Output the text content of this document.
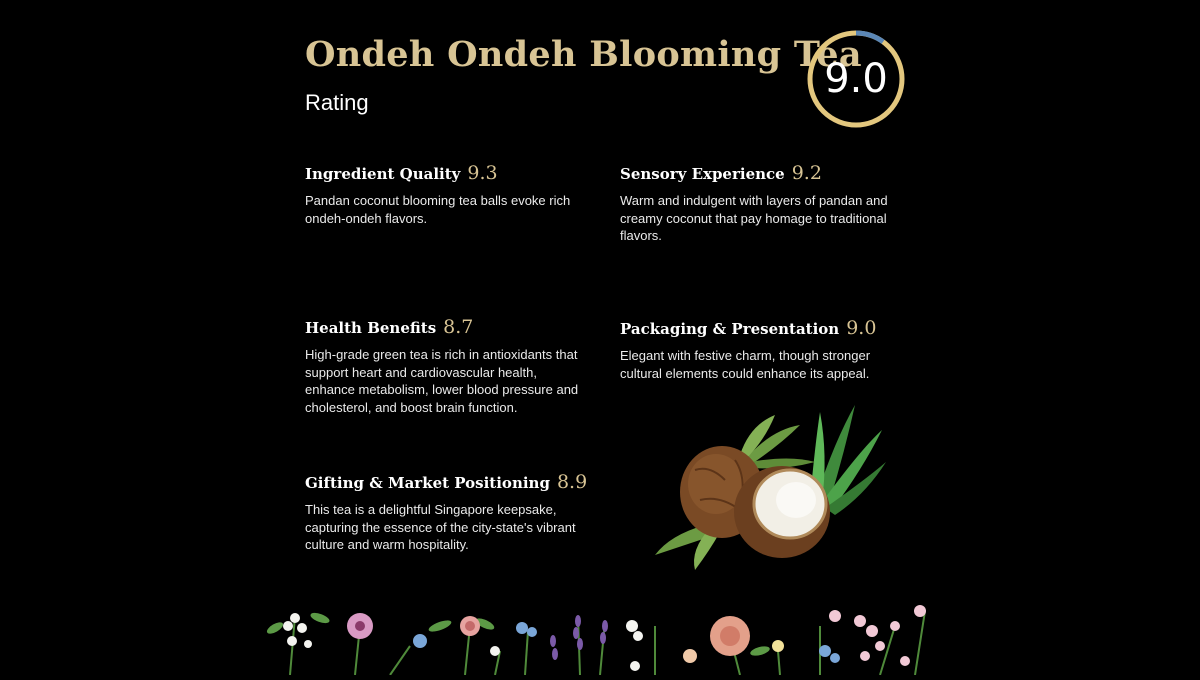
Ondeh Ondeh Blooming Tea
Rating
9.0
Ingredient Quality 9.3

Pandan coconut blooming tea balls evoke rich ondeh-ondeh flavors.

Sensory Experience 9.2

Warm and indulgent with layers of pandan and creamy coconut that pay homage to traditional flavors.

Health Benefits 8.7

High-grade green tea is rich in antioxidants that support heart and cardiovascular health, enhance metabolism, lower blood pressure and cholesterol, and boost brain function.

Packaging & Presentation 9.0

Elegant with festive charm, though stronger cultural elements could enhance its appeal.

Gifting & Market Positioning 8.9

This tea is a delightful Singapore keepsake, capturing the essence of the city-state's vibrant culture and warm hospitality.
